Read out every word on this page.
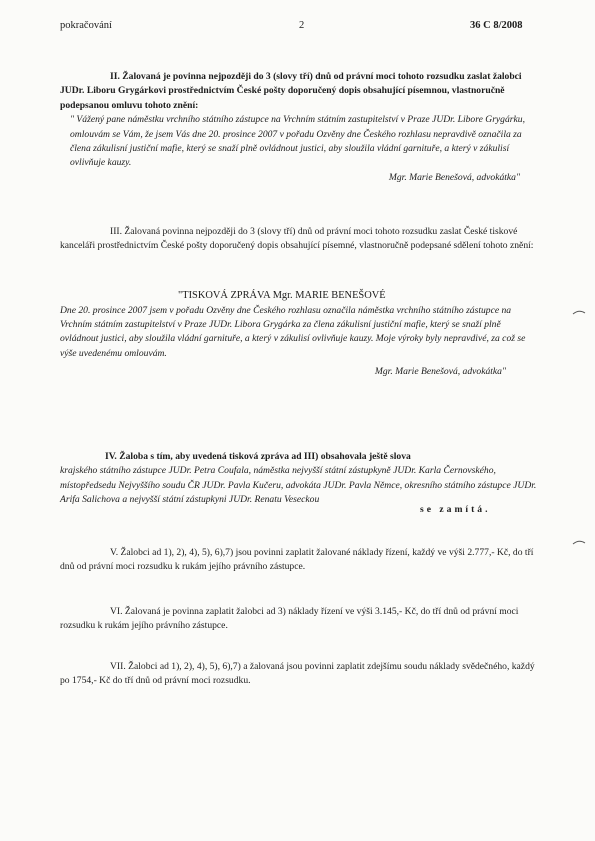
pokračování	2	36 C 8/2008
II. Žalovaná je povinna nejpozději do 3 (slovy tří) dnů od právní moci tohoto rozsudku zaslat žalobci JUDr. Liboru Grygárkovi prostřednictvím České pošty doporučený dopis obsahující písemnou, vlastnoručně podepsanou omluvu tohoto znění:
" Vážený pane náměstku vrchního státního zástupce na Vrchním státním zastupitelství v Praze JUDr. Libore Grygárku, omlouvám se Vám, že jsem Vás dne 20. prosince 2007 v pořadu Ozvěny dne Českého rozhlasu nepravdivě označila za člena zákulisní justiční mafie, který se snaží plně ovládnout justici, aby sloužila vládní garnituře, a který v zákulisí ovlivňuje kauzy.
Mgr. Marie Benešová, advokátka"
III. Žalovaná povinna nejpozději do 3 (slovy tří) dnů od právní moci tohoto rozsudku zaslat České tiskové kanceláři prostřednictvím České pošty doporučený dopis obsahující písemné, vlastnoručně podepsané sdělení tohoto znění:
"TISKOVÁ ZPRÁVA Mgr. MARIE BENEŠOVÉ
Dne 20. prosince 2007 jsem v pořadu Ozvěny dne Českého rozhlasu označila náměstka vrchního státního zástupce na Vrchním státním zastupitelství v Praze JUDr. Libora Grygárka za člena zákulisní justiční mafie, který se snaží plně ovládnout justici, aby sloužila vládní garnituře, a který v zákulisí ovlivňuje kauzy. Moje výroky byly nepravdivé, za což se výše uvedenému omlouvám.
Mgr. Marie Benešová, advokátka"
IV. Žaloba s tím, aby uvedená tisková zpráva ad III) obsahovala ještě slova
krajského státního zástupce JUDr. Petra Coufala, náměstka nejvyšší státní zástupkyně JUDr. Karla Černovského, místopředsedu Nejvyššího soudu ČR JUDr. Pavla Kučeru, advokáta JUDr. Pavla Němce, okresního státního zástupce JUDr. Arifa Salichova a nejvyšší státní zástupkyni JUDr. Renatu Veseckou
se zamítá.
V. Žalobci ad 1), 2), 4), 5), 6),7) jsou povinni zaplatit žalované náklady řízení, každý ve výši 2.777,- Kč, do tří dnů od právní moci rozsudku k rukám jejího právního zástupce.
VI. Žalovaná je povinna zaplatit žalobci ad 3) náklady řízení ve výši 3.145,- Kč, do tří dnů od právní moci rozsudku k rukám jejího právního zástupce.
VII. Žalobci ad 1), 2), 4), 5), 6),7) a žalovaná jsou povinni zaplatit zdejšímu soudu náklady svědečného, každý po 1754,- Kč do tří dnů od právní moci rozsudku.
